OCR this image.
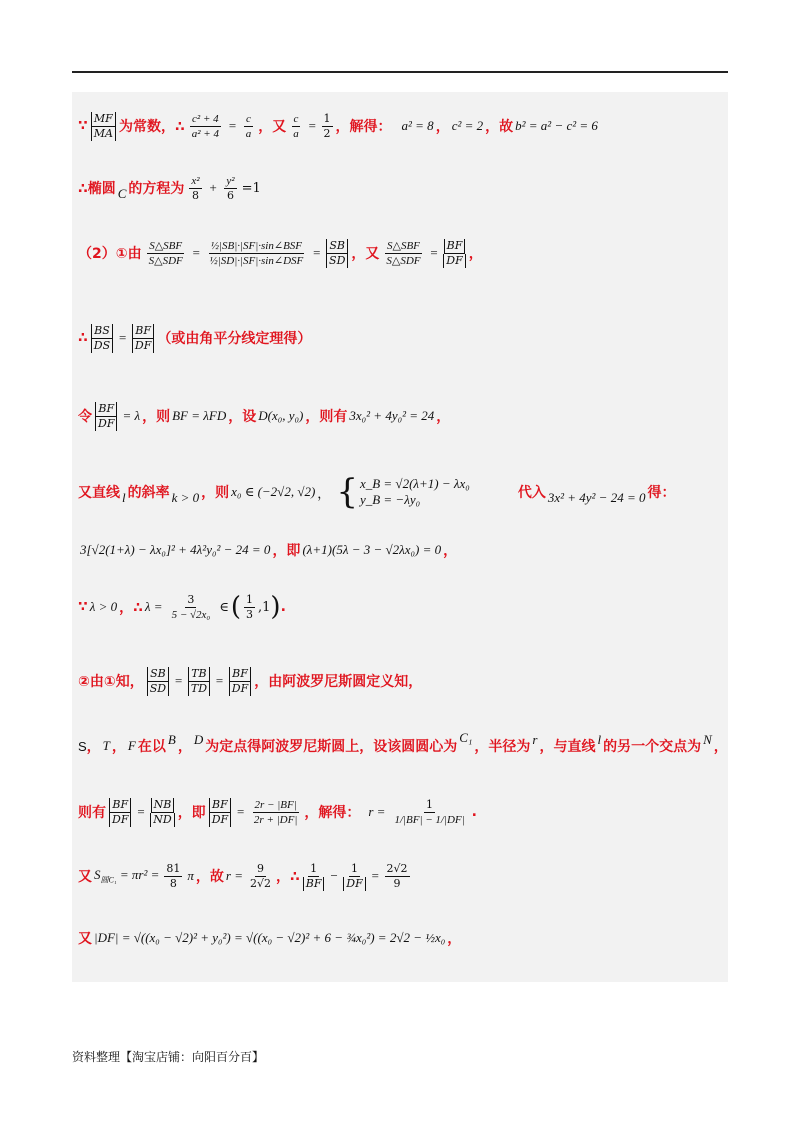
∵ $\frac{MF}{MA}$ 为常数，∴ $\frac{\text{c² + 4}}{\text{a² + 4}} = \frac{c}{a}$ ，又 $\frac{c}{a} = \frac{1}{2}$ ，解得： a² = 8 ， c² = 2 ，故 b² = a² − c² = 6
∴椭圆 C 的方程为 $\frac{\text{x²}}{8} + \frac{\text{y²}}{6} =1$
（2）①由 $\frac{\text{S△SBF}}{\text{S△SDF}} = \frac{\text{½|SB|·|SF|·sin∠BSF}}{\text{½|SD|·|SF|·sin∠DSF}} = \frac{SB}{SD}$ ，又 $\frac{\text{S△SBF}}{\text{S△SDF}} = \frac{BF}{DF}$ ，
∴ $\frac{BS}{DS} = \frac{BF}{DF}$ （或由角平分线定理得）
令 $\frac{BF}{DF} = \lambda$ ，则 BF = λFD ，设 D(x₀, y₀) ，则有 3x₀² + 4y₀² = 24 ，
又直线 l 的斜率 k > 0 ，则 x₀ ∈ (−2√2, √2) ， { x_B = √2(λ+1) − λx₀
y_B = −λy₀	代入 3x² + 4y² − 24 = 0 得：
3[√2(1+λ) − λx₀]² + 4λ²y₀² − 24 = 0 ，即 (λ+1)(5λ − 3 − √2λx₀) = 0 ，
∵ λ > 0 ，∴ $\lambda = \frac{3}{\text{5 − √2x₀}}$ ∈ ( $\frac{1}{3} ,1$ ) .
②由①知， $\frac{SB}{SD} = \frac{TB}{TD} = \frac{BF}{DF}$ ，由阿波罗尼斯圆定义知，
S ， T ， F 在以 B ， D 为定点得阿波罗尼斯圆上，设该圆圆心为
C₁
，半径为 r ，与直线 l 的另一个交点为 N ，
则有 $\frac{BF}{DF} = \frac{NB}{ND}$ ，即 $\frac{BF}{DF} = \frac{2r - |BF|}{2r + |DF|}$ ，解得： $r = \frac{1}{1/|BF| - 1/|DF|}$ .
又 $S_{圆C_1} = \pi r^2 = \frac{81}{8}$ π ，故 $r = \frac{9}{2√2}$ ，∴ $\frac{1}{BF} - \frac{1}{DF} = \frac{2√2}{9}$
又 |DF| = √((x₀ − √2)² + y₀²) = √((x₀ − √2)² + 6 − ¾x₀²) = 2√2 − ½x₀ ，
资料整理【淘宝店铺：向阳百分百】
